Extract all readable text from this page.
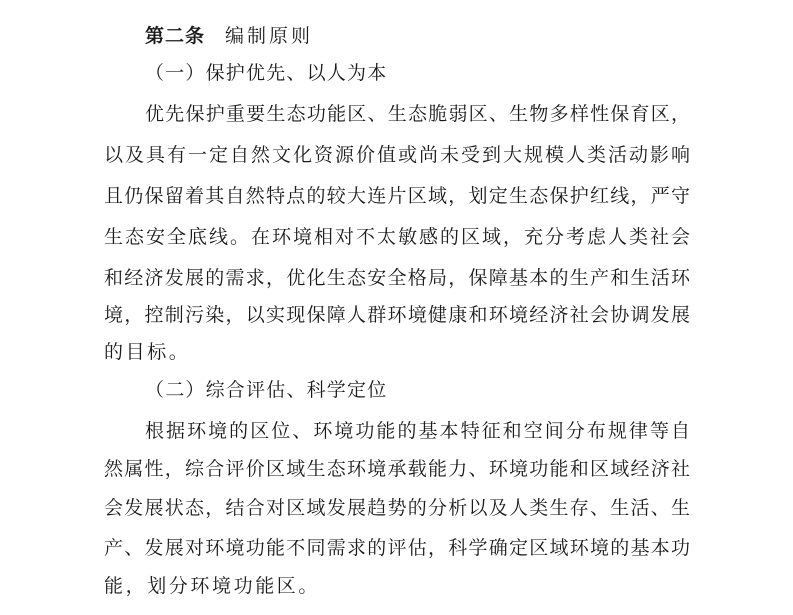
第二条 编制原则
（一）保护优先、以人为本
优先保护重要生态功能区、生态脆弱区、生物多样性保育区，
以及具有一定自然文化资源价值或尚未受到大规模人类活动影响
且仍保留着其自然特点的较大连片区域，划定生态保护红线，严守
生态安全底线。在环境相对不太敏感的区域，充分考虑人类社会
和经济发展的需求，优化生态安全格局，保障基本的生产和生活环
境，控制污染，以实现保障人群环境健康和环境经济社会协调发展
的目标。
（二）综合评估、科学定位
根据环境的区位、环境功能的基本特征和空间分布规律等自
然属性，综合评价区域生态环境承载能力、环境功能和区域经济社
会发展状态，结合对区域发展趋势的分析以及人类生存、生活、生
产、发展对环境功能不同需求的评估，科学确定区域环境的基本功
能，划分环境功能区。
